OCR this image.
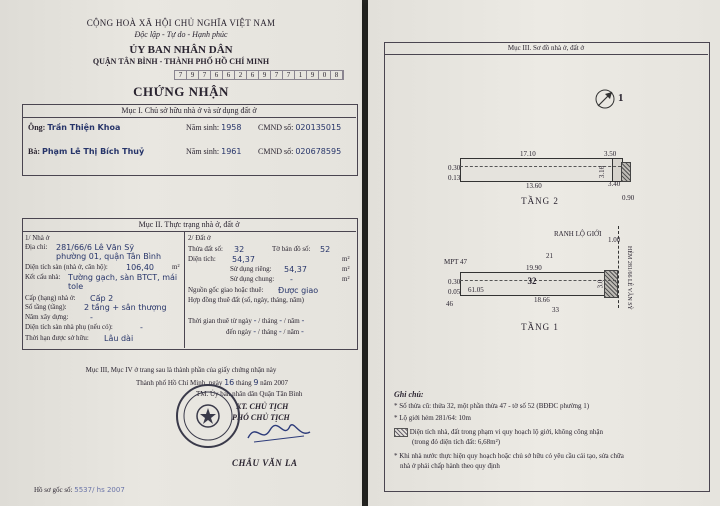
CỘNG HOÀ XÃ HỘI CHỦ NGHĨA VIỆT NAM
Độc lập - Tự do - Hạnh phúc
ỦY BAN NHÂN DÂN
QUẬN TÂN BÌNH - THÀNH PHỐ HỒ CHÍ MINH
7 9 7 6 6 2 6 9 7 7 1 9 0 8
CHỨNG NHẬN
Mục I. Chủ sở hữu nhà ở và sử dụng đất ở
Ông: Trần Thiện Khoa	Năm sinh: 1958 CMND số: 020135015
Bà: Phạm Lê Thị Bích Thuỷ	Năm sinh: 1961 CMND số: 020678595
Mục II. Thực trạng nhà ở, đất ở
1/ Nhà ở
Địa chỉ: 281/66/6 Lê Văn Sỹ
phường 01, quận Tân Bình
Diện tích sàn (nhà ở, căn hộ): 106,40	m²
Kết cấu nhà: Tường gạch, sàn BTCT, mái
tole
Cấp (hạng) nhà ở: Cấp 2
Số tầng (tầng): 2 tầng + sân thượng
Năm xây dựng:	-
Diện tích sàn nhà phụ (nếu có):	-
Thời hạn được sở hữu: Lâu dài
2/ Đất ở
Thửa đất số: 32	Tờ bản đồ số: 52
Diện tích: 54,37	m²
Sử dụng riêng: 54,37	m²
Sử dụng chung: -	m²
Nguồn gốc giao hoặc thuê: Được giao
Hợp đồng thuê đất (số, ngày, tháng, năm)
Thời gian thuê từ ngày - / tháng - / năm -
đến ngày - / tháng - / năm -
Mục III, Mục IV ở trang sau là thành phần của giấy chứng nhận này
Thành phố Hồ Chí Minh, ngày 16 tháng 9 năm 2007
TM. Ủy ban nhân dân Quận Tân Bình
KT. CHỦ TỊCH
PHÓ CHỦ TỊCH
CHÂU VĂN LA
Hồ sơ gốc số: 5537/ hs 2007
Mục III. Sơ đồ nhà ở, đất ở
1
17.10
13.60
3.50
3.16
0.30
0.13
3.40
0.90
TẦNG 2
RANH LỘ GIỚI
1.00
21
MPT 47
19.90
18.66
61.05
0.30
0.05
3.0
32
46
33
HẺM 281/66 LÊ VĂN SỸ
TẦNG 1
Ghi chú:
* Số thửa cũ: thửa 32, một phần thửa 47 - tờ số 52 (BĐĐC phường 1)
* Lộ giới hẻm 281/64: 10m
Diện tích nhà, đất trong phạm vi quy hoạch lộ giới, không công nhận
(trong đó diện tích đất: 6,68m²)
* Khi nhà nước thực hiện quy hoạch hoặc chủ sở hữu có yêu cầu cải tạo, sửa chữa
nhà ở phải chấp hành theo quy định
